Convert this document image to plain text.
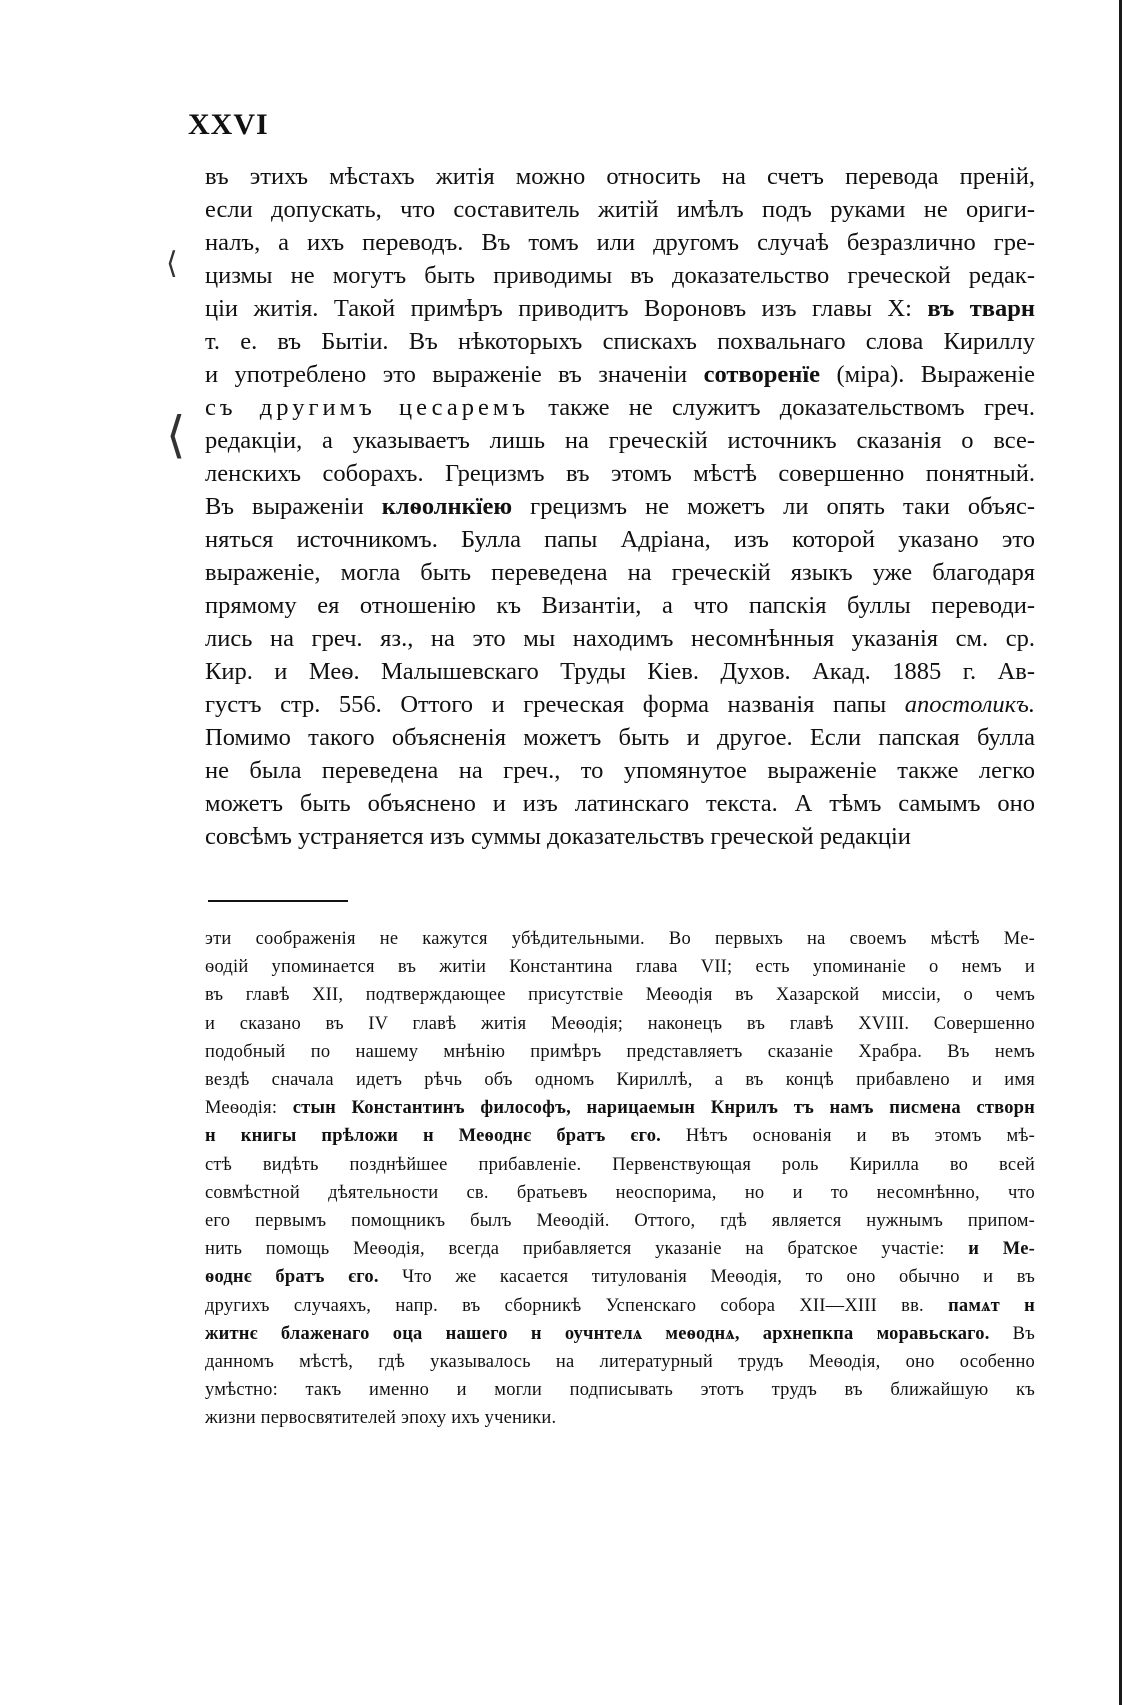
XXVI
въ этихъ мѣстахъ житія можно относить на счетъ перевода преній,
если допускать, что составитель житій имѣлъ подъ руками не ориги-
налъ, а ихъ переводъ. Въ томъ или другомъ случаѣ безразлично гре-
цизмы не могутъ быть приводимы въ доказательство греческой редак-
ціи житія. Такой примѣръ приводитъ Вороновъ изъ главы X: въ тварн
т. е. въ Бытіи. Въ нѣкоторыхъ спискахъ похвальнаго слова Кириллу
и употреблено это выраженіе въ значеніи сотворенїе (міра). Выраженіе
съ другимъ цесаремъ также не служитъ доказательствомъ греч.
редакціи, а указываетъ лишь на греческій источникъ сказанія о все-
ленскихъ соборахъ. Грецизмъ въ этомъ мѣстѣ совершенно понятный.
Въ выраженіи клѳолнкїею грецизмъ не можетъ ли опять таки объяс-
няться источникомъ. Булла папы Адріана, изъ которой указано это
выраженіе, могла быть переведена на греческій языкъ уже благодаря
прямому ея отношенію къ Византіи, а что папскія буллы переводи-
лись на греч. яз., на это мы находимъ несомнѣнныя указанія см. ср.
Кир. и Меѳ. Малышевскаго Труды Кіев. Духов. Акад. 1885 г. Ав-
густъ стр. 556. Оттого и греческая форма названія папы апостоликъ.
Помимо такого объясненія можетъ быть и другое. Если папская булла
не была переведена на греч., то упомянутое выраженіе также легко
можетъ быть объяснено и изъ латинскаго текста. А тѣмъ самымъ оно
совсѣмъ устраняется изъ суммы доказательствъ греческой редакціи
эти соображенія не кажутся убѣдительными. Во первыхъ на своемъ мѣстѣ Ме-
ѳодій упоминается въ житіи Константина глава VII; есть упоминаніе о немъ и
въ главѣ XII, подтверждающее присутствіе Меѳодія въ Хазарской миссіи, о чемъ
и сказано въ IV главѣ житія Меѳодія; наконецъ въ главѣ XVIII. Совершенно
подобный по нашему мнѣнію примѣръ представляетъ сказаніе Храбра. Въ немъ
вездѣ сначала идетъ рѣчь объ одномъ Кириллѣ, а въ концѣ прибавлено и имя
Меѳодія: стын Константинъ философъ, нарицаемын Кнрилъ тъ намъ писмена створн
н книгы прѣложи н Меѳоднє братъ єго. Нѣтъ основанія и въ этомъ мѣ-
стѣ видѣть позднѣйшее прибавленіе. Первенствующая роль Кирилла во всей
совмѣстной дѣятельности св. братьевъ неоспорима, но и то несомнѣнно, что
его первымъ помощникъ былъ Меѳодій. Оттого, гдѣ является нужнымъ припом-
нить помощь Меѳодія, всегда прибавляется указаніе на братское участіе: и Ме-
ѳоднє братъ єго. Что же касается титулованія Меѳодія, то оно обычно и въ
другихъ случаяхъ, напр. въ сборникѣ Успенскаго собора XII—XIII вв. памѧт н
житнє блаженаго оца нашего н оучнтелѧ меѳоднѧ, архнепкпа моравьскаго. Въ
данномъ мѣстѣ, гдѣ указывалось на литературный трудъ Меѳодія, оно особенно
умѣстно: такъ именно и могли подписывать этотъ трудъ въ ближайшую къ
жизни первосвятителей эпоху ихъ ученики.
⟨
⟨
